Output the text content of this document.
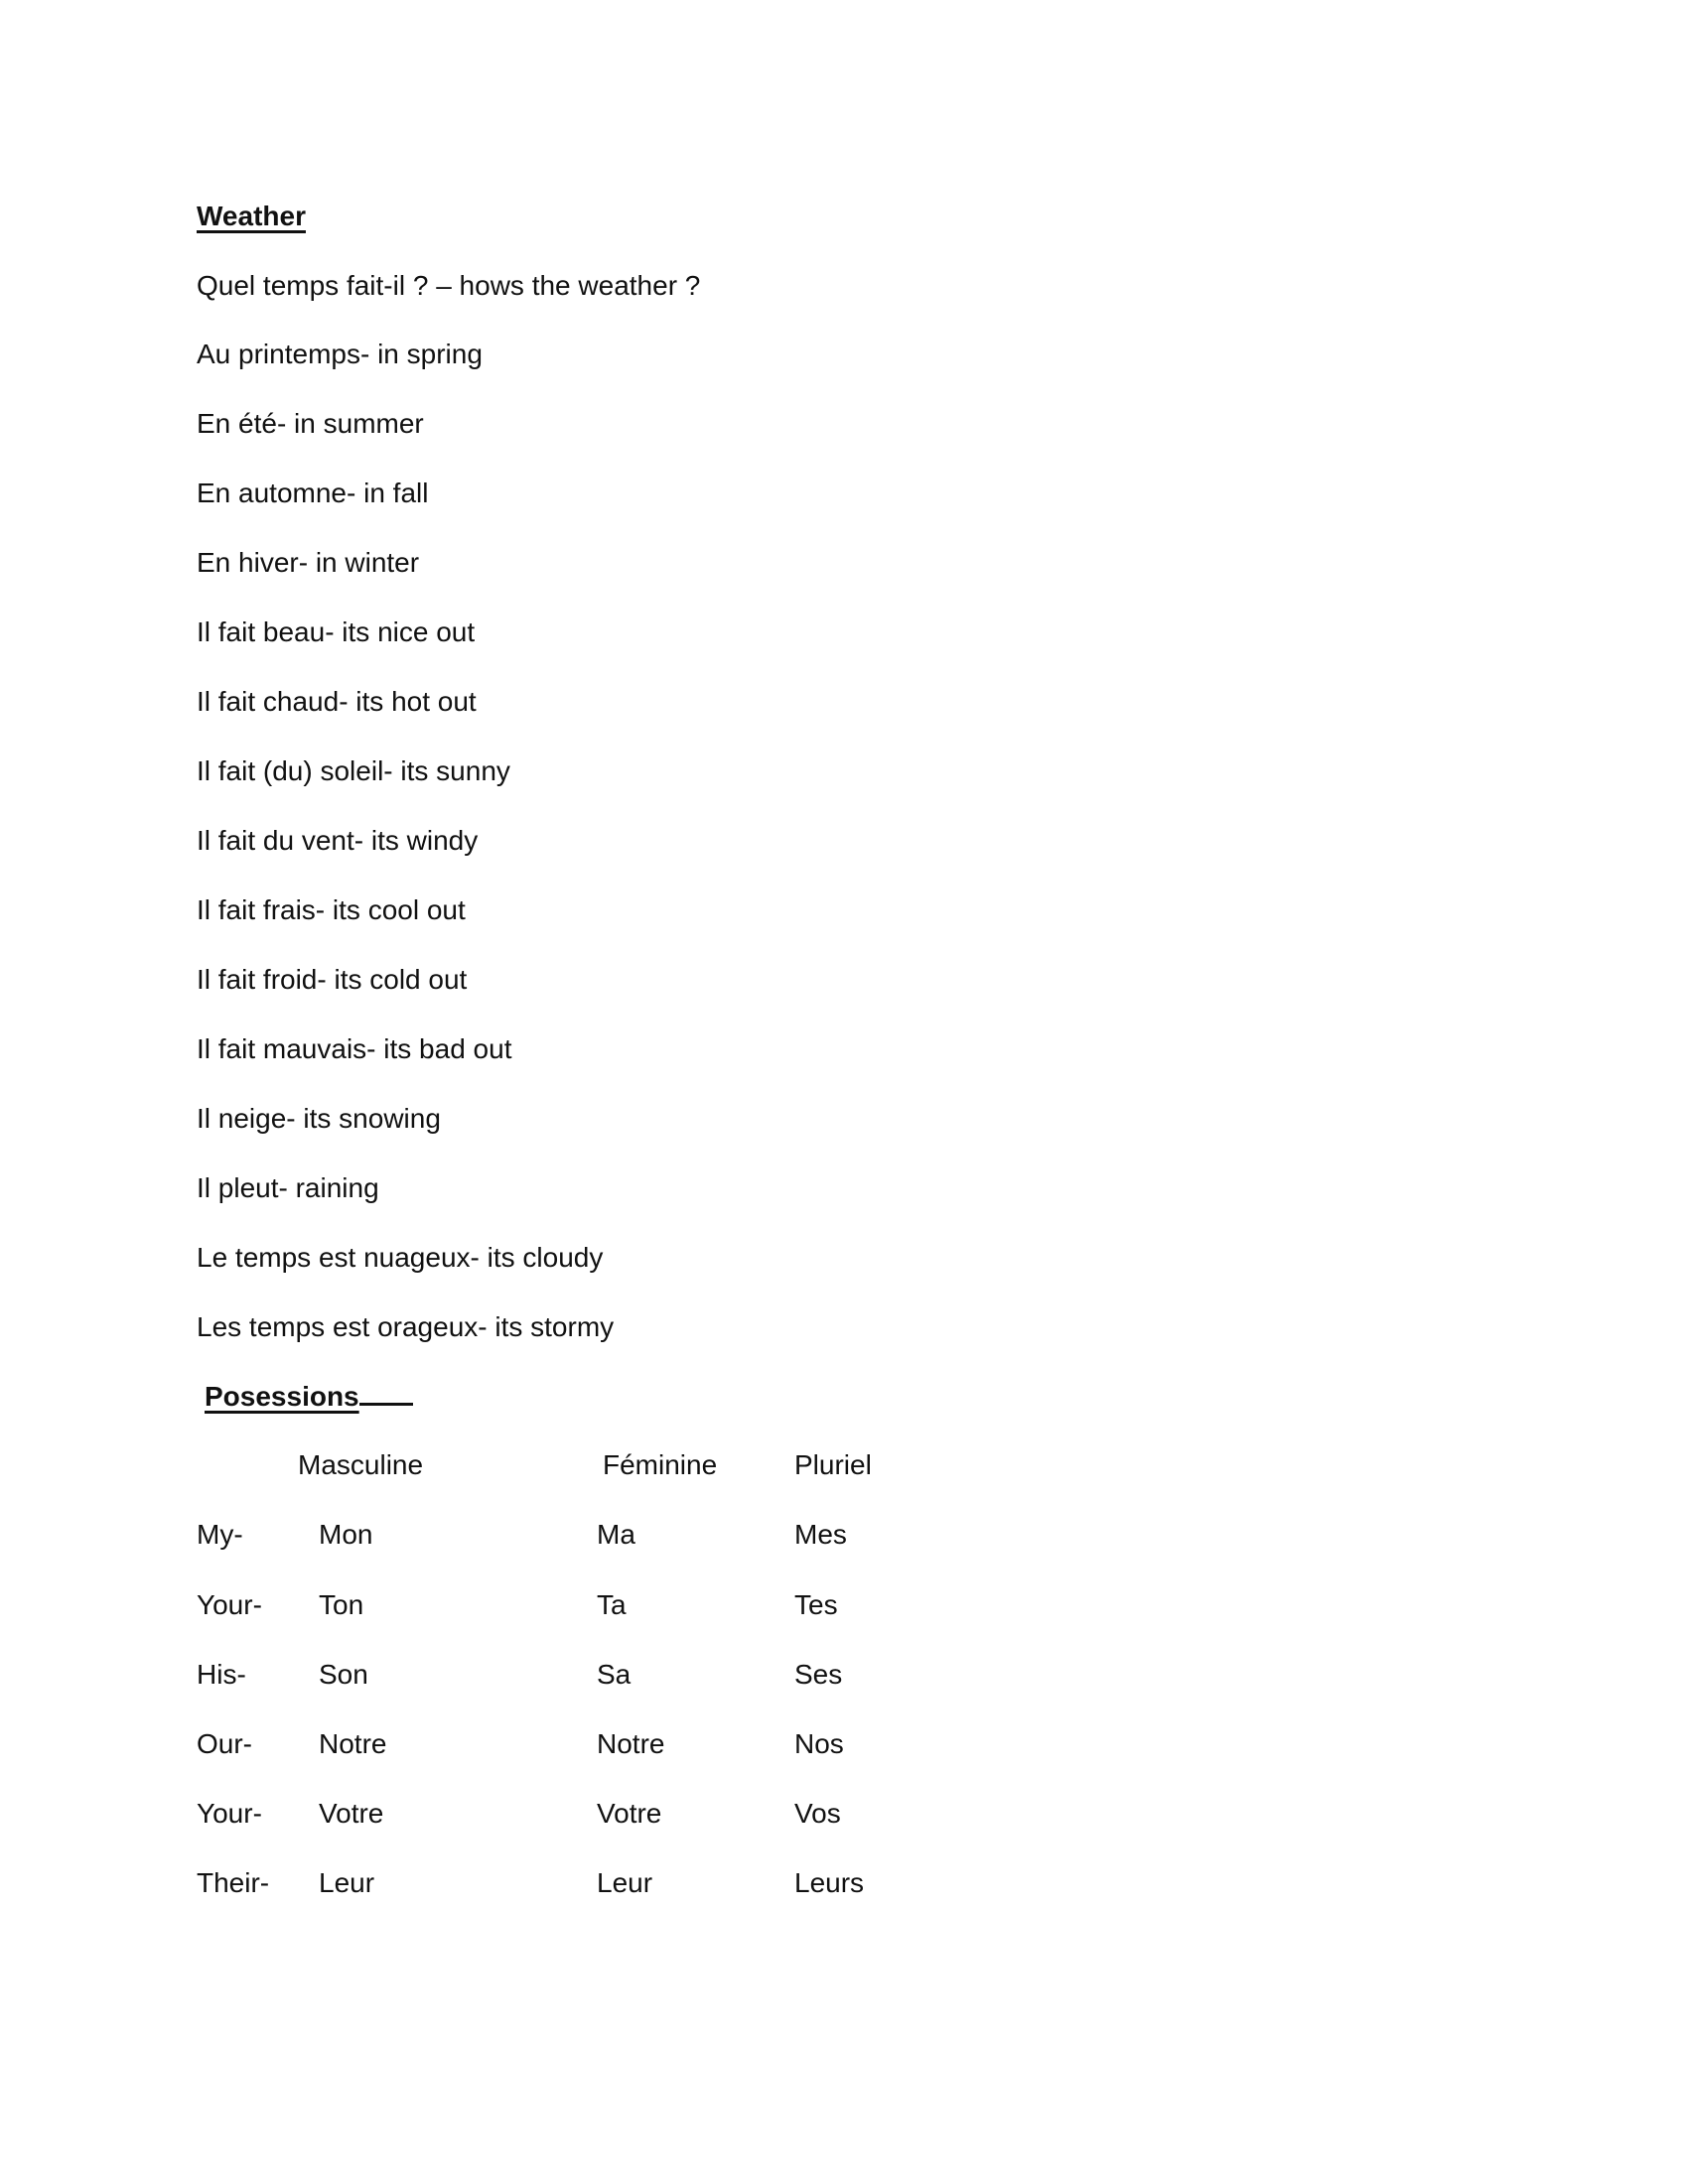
Weather
Quel temps fait-il ? – hows the weather ?
Au printemps- in spring
En été- in summer
En automne- in fall
En hiver- in winter
Il fait beau- its nice out
Il fait chaud- its hot out
Il fait (du) soleil- its sunny
Il fait du vent- its windy
Il fait frais- its cool out
Il fait froid- its cold out
Il fait mauvais- its bad out
Il neige- its snowing
Il pleut- raining
Le temps est nuageux- its cloudy
Les temps est orageux- its stormy
Posessions
Masculine	Féminine	Pluriel
My-	Mon	Ma	Mes
Your- Ton	Ta	Tes
His-	Son	Sa	Ses
Our- Notre	Notre	Nos
Your- Votre	Votre	Vos
Their- Leur	Leur	Leurs
